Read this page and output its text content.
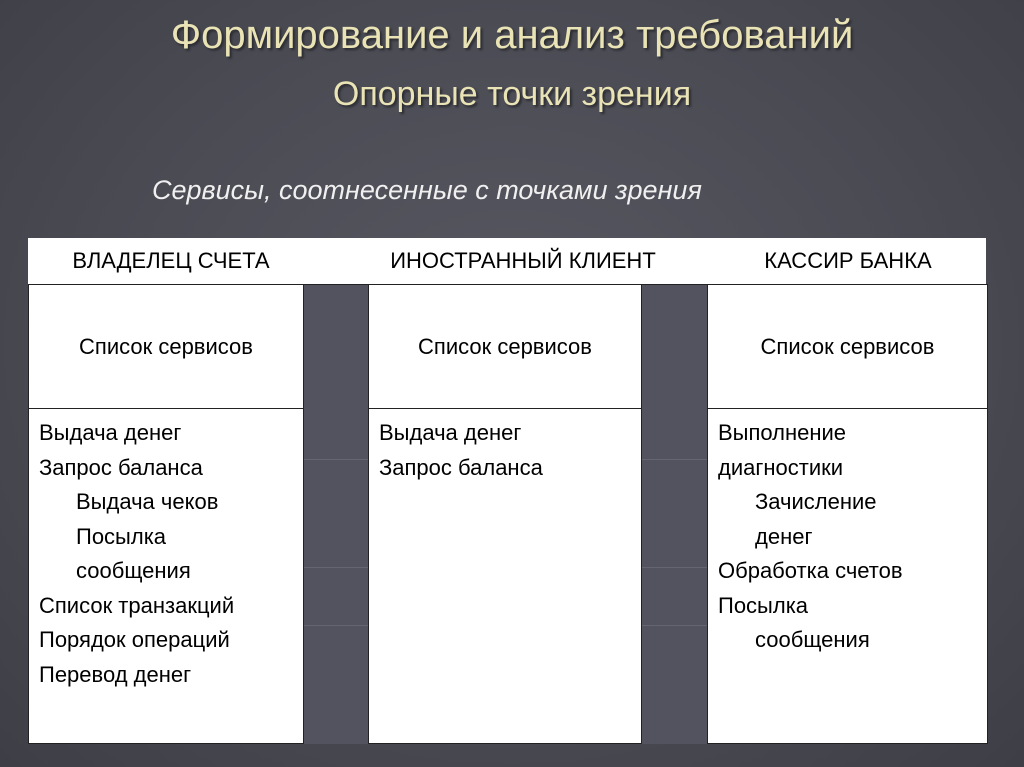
Формирование и анализ требований
Опорные точки зрения
Сервисы, соотнесенные с точками зрения
ВЛАДЕЛЕЦ СЧЕТА	ИНОСТРАННЫЙ КЛИЕНТ	КАССИР БАНКА
Список сервисов
Выдача денег
Запрос баланса
Выдача чеков
Посылка
сообщения
Список транзакций
Порядок операций
Перевод денег
Список сервисов
Выдача денег
Запрос баланса
Список сервисов
Выполнение
диагностики
Зачисление
денег
Обработка счетов
Посылка
сообщения
